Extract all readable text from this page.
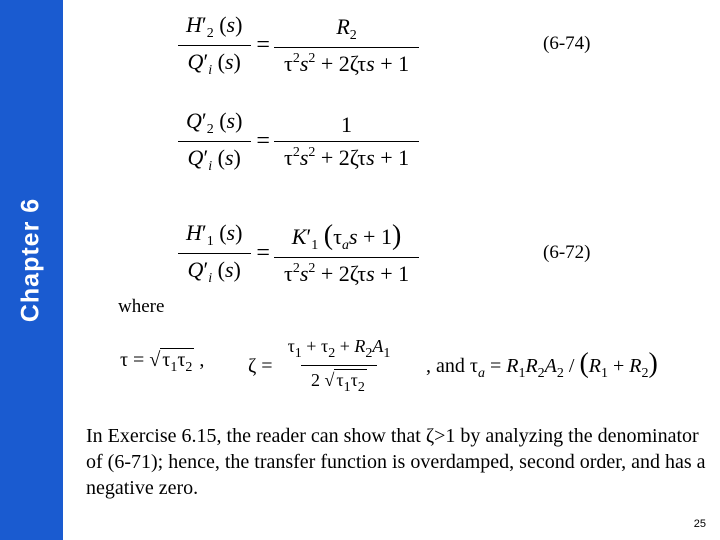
Chapter 6
$\frac{H'_2 (s)}{Q'_i (s)} = \frac{R_2}{\tau^2s^2 + 2\zeta\tau s + 1}$	(6-74)
$\frac{Q'_2 (s)}{Q'_i (s)} = \frac{1}{\tau^2s^2 + 2\zeta\tau s + 1}$
$\frac{H'_1 (s)}{Q'_i (s)} = \frac{K'_1 (\tau_as + 1)}{\tau^2s^2 + 2\zeta\tau s + 1}$	(6-72)
where
τ = √ $\tau_1\tau_2$ , $\zeta = \frac{\tau_1 + \tau_2 + R_2A_1}{2 √ \tau_1\tau_2}$ , and $\tau_a = R_1R_2A_2 / (R_1 + R_2)$
In Exercise 6.15, the reader can show that ζ>1 by analyzing the denominator of (6-71); hence, the transfer function is overdamped, second order, and has a negative zero.
25
